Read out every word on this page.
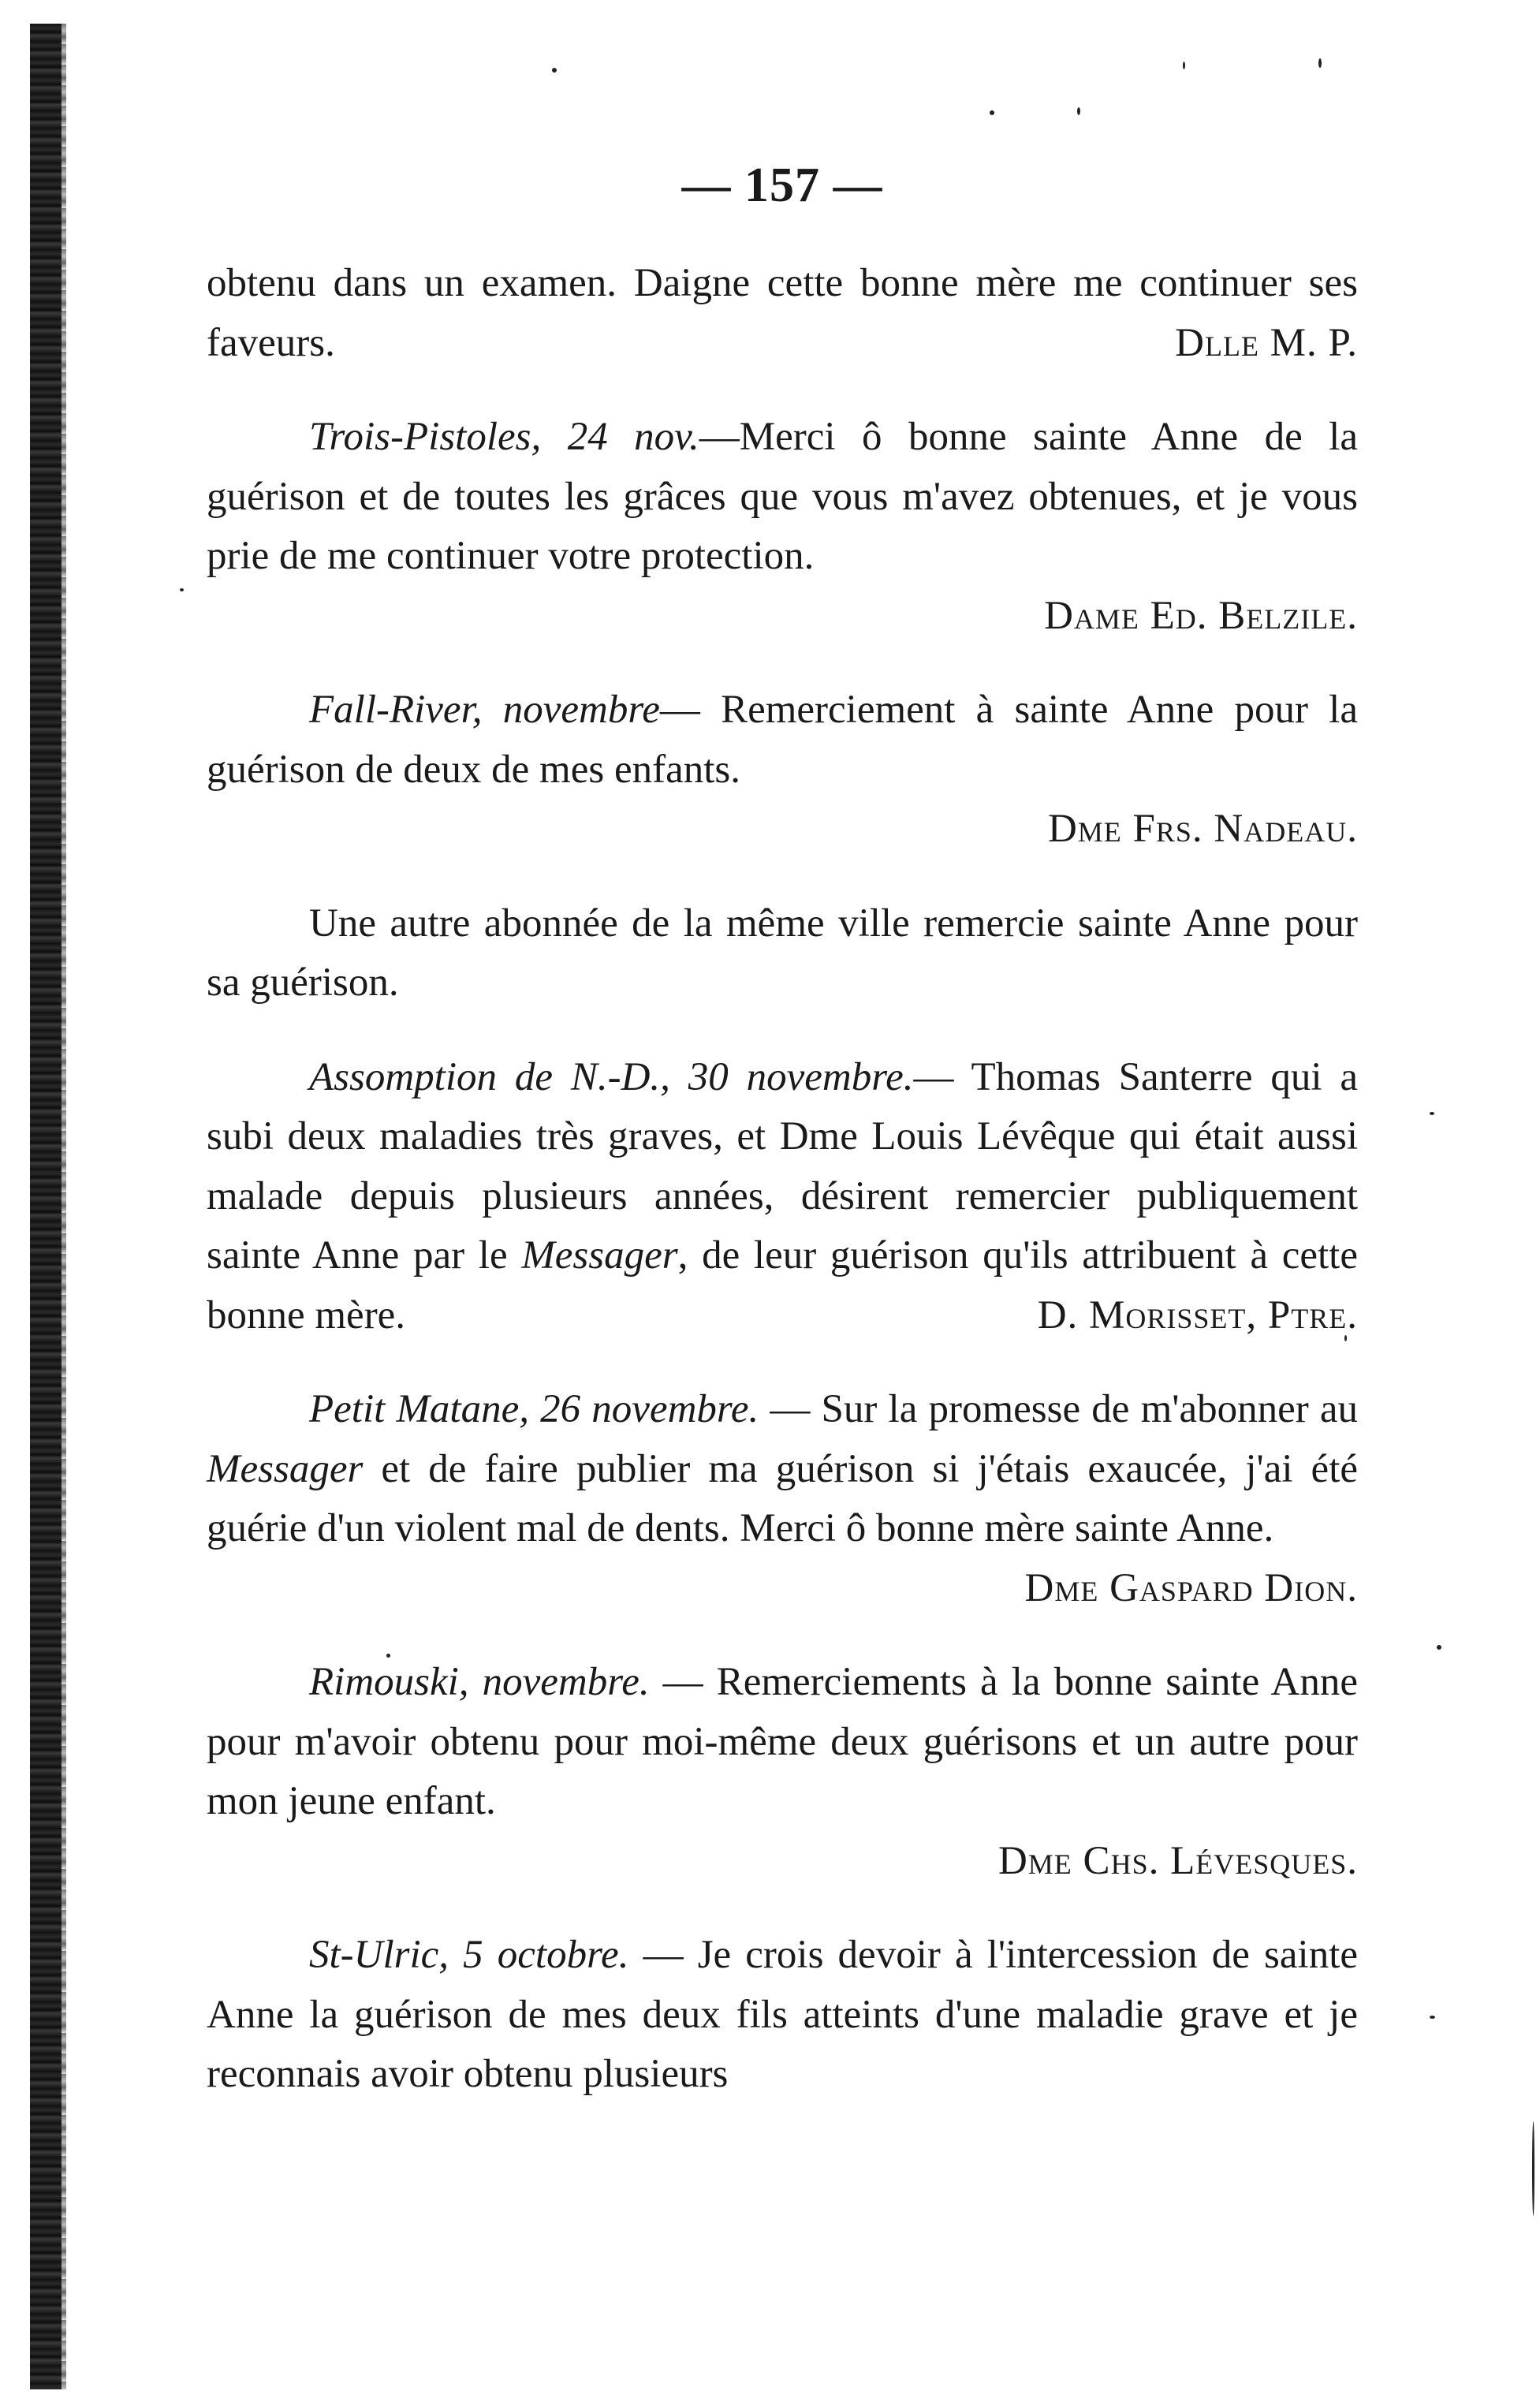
— 157 —

obtenu dans un examen. Daigne cette bonne mère me continuer ses faveurs.	Dlle M. P.

Trois-Pistoles, 24 nov.—Merci ô bonne sainte Anne de la guérison et de toutes les grâces que vous m'avez obtenues, et je vous prie de me continuer votre protection.

Dame Ed. Belzile.

Fall-River, novembre— Remerciement à sainte Anne pour la guérison de deux de mes enfants.

Dme Frs. Nadeau.

Une autre abonnée de la même ville remercie sainte Anne pour sa guérison.

Assomption de N.-D., 30 novembre.— Thomas Santerre qui a subi deux maladies très graves, et Dme Louis Lévêque qui était aussi malade depuis plusieurs années, désirent remercier publiquement sainte Anne par le Messager, de leur guérison qu'ils attribuent à cette bonne mère.	D. Morisset, Ptre.

Petit Matane, 26 novembre. — Sur la promesse de m'abonner au Messager et de faire publier ma guérison si j'étais exaucée, j'ai été guérie d'un violent mal de dents. Merci ô bonne mère sainte Anne.

Dme Gaspard Dion.

Rimouski, novembre. — Remerciements à la bonne sainte Anne pour m'avoir obtenu pour moi-même deux guérisons et un autre pour mon jeune enfant.

Dme Chs. Lévesques.

St-Ulric, 5 octobre. — Je crois devoir à l'intercession de sainte Anne la guérison de mes deux fils atteints d'une maladie grave et je reconnais avoir obtenu plusieurs
